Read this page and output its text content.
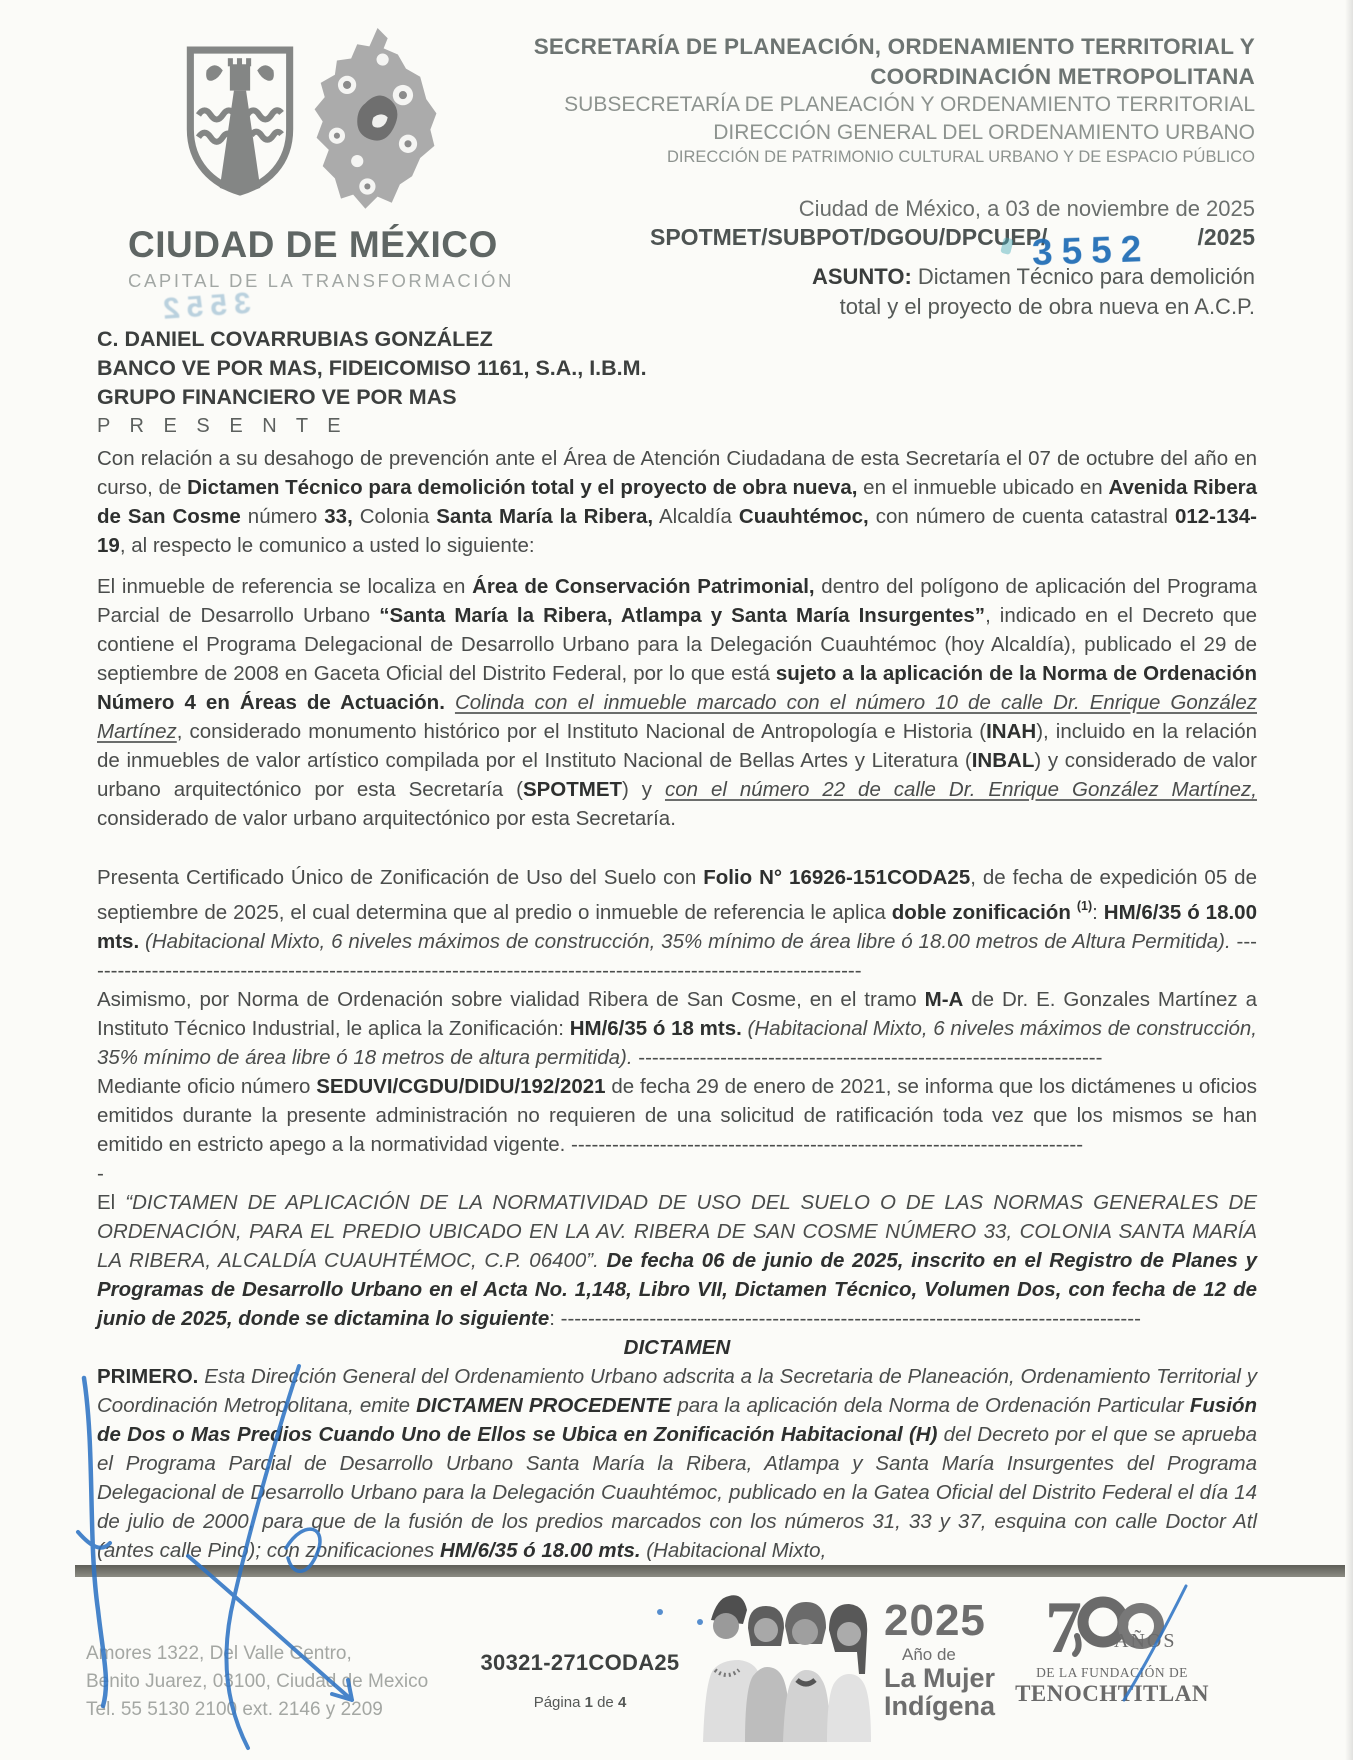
CIUDAD DE MÉXICO
CAPITAL DE LA TRANSFORMACIÓN
3552
SECRETARÍA DE PLANEACIÓN, ORDENAMIENTO TERRITORIAL Y
COORDINACIÓN METROPOLITANA
SUBSECRETARÍA DE PLANEACIÓN Y ORDENAMIENTO TERRITORIAL
DIRECCIÓN GENERAL DEL ORDENAMIENTO URBANO
DIRECCIÓN DE PATRIMONIO CULTURAL URBANO Y DE ESPACIO PÚBLICO
Ciudad de México, a 03 de noviembre de 2025
SPOTMET/SUBPOT/DGOU/DPCUEP/	/2025
3552
ASUNTO: Dictamen Técnico para demolición
total y el proyecto de obra nueva en A.C.P.
C. DANIEL COVARRUBIAS GONZÁLEZ
BANCO VE POR MAS, FIDEICOMISO 1161, S.A., I.B.M.
GRUPO FINANCIERO VE POR MAS
P R E S E N T E

Con relación a su desahogo de prevención ante el Área de Atención Ciudadana de esta Secretaría el 07 de octubre del año en curso, de Dictamen Técnico para demolición total y el proyecto de obra nueva, en el inmueble ubicado en Avenida Ribera de San Cosme número 33, Colonia Santa María la Ribera, Alcaldía Cuauhtémoc, con número de cuenta catastral 012-134-19, al respecto le comunico a usted lo siguiente:

El inmueble de referencia se localiza en Área de Conservación Patrimonial, dentro del polígono de aplicación del Programa Parcial de Desarrollo Urbano “Santa María la Ribera, Atlampa y Santa María Insurgentes”, indicado en el Decreto que contiene el Programa Delegacional de Desarrollo Urbano para la Delegación Cuauhtémoc (hoy Alcaldía), publicado el 29 de septiembre de 2008 en Gaceta Oficial del Distrito Federal, por lo que está sujeto a la aplicación de la Norma de Ordenación Número 4 en Áreas de Actuación. Colinda con el inmueble marcado con el número 10 de calle Dr. Enrique González Martínez, considerado monumento histórico por el Instituto Nacional de Antropología e Historia (INAH), incluido en la relación de inmuebles de valor artístico compilada por el Instituto Nacional de Bellas Artes y Literatura (INBAL) y considerado de valor urbano arquitectónico por esta Secretaría (SPOTMET) y con el número 22 de calle Dr. Enrique González Martínez, considerado de valor urbano arquitectónico por esta Secretaría.

Presenta Certificado Único de Zonificación de Uso del Suelo con Folio N° 16926-151CODA25, de fecha de expedición 05 de septiembre de 2025, el cual determina que al predio o inmueble de referencia le aplica doble zonificación $^{(1)}$: HM/6/35 ó 18.00 mts. (Habitacional Mixto, 6 niveles máximos de construcción, 35% mínimo de área libre ó 18.00 metros de Altura Permitida). -------------------------------------------------------------------------------------------------------------------

Asimismo, por Norma de Ordenación sobre vialidad Ribera de San Cosme, en el tramo M-A de Dr. E. Gonzales Martínez a Instituto Técnico Industrial, le aplica la Zonificación: HM/6/35 ó 18 mts. (Habitacional Mixto, 6 niveles máximos de construcción, 35% mínimo de área libre ó 18 metros de altura permitida). --------------------------------------------------------------------

Mediante oficio número SEDUVI/CGDU/DIDU/192/2021 de fecha 29 de enero de 2021, se informa que los dictámenes u oficios emitidos durante la presente administración no requieren de una solicitud de ratificación toda vez que los mismos se han emitido en estricto apego a la normatividad vigente. ---------------------------------------------------------------------------

-

El “DICTAMEN DE APLICACIÓN DE LA NORMATIVIDAD DE USO DEL SUELO O DE LAS NORMAS GENERALES DE ORDENACIÓN, PARA EL PREDIO UBICADO EN LA AV. RIBERA DE SAN COSME NÚMERO 33, COLONIA SANTA MARÍA LA RIBERA, ALCALDÍA CUAUHTÉMOC, C.P. 06400”. De fecha 06 de junio de 2025, inscrito en el Registro de Planes y Programas de Desarrollo Urbano en el Acta No. 1,148, Libro VII, Dictamen Técnico, Volumen Dos, con fecha de 12 de junio de 2025, donde se dictamina lo siguiente: -------------------------------------------------------------------------------------

DICTAMEN

PRIMERO. Esta Dirección General del Ordenamiento Urbano adscrita a la Secretaria de Planeación, Ordenamiento Territorial y Coordinación Metropolitana, emite DICTAMEN PROCEDENTE para la aplicación dela Norma de Ordenación Particular Fusión de Dos o Mas Predios Cuando Uno de Ellos se Ubica en Zonificación Habitacional (H) del Decreto por el que se aprueba el Programa Parcial de Desarrollo Urbano Santa María la Ribera, Atlampa y Santa María Insurgentes del Programa Delegacional de Desarrollo Urbano para la Delegación Cuauhtémoc, publicado en la Gatea Oficial del Distrito Federal el día 14 de julio de 2000, para que de la fusión de los predios marcados con los números 31, 33 y 37, esquina con calle Doctor Atl (antes calle Pino); con zonificaciones HM/6/35 ó 18.00 mts. (Habitacional Mixto,

Amores 1322, Del Valle Centro,
Benito Juarez, 03100, Ciudad de Mexico
Tel. 55 5130 2100 ext. 2146 y 2209
30321-271CODA25
Página 1 de 4
2025
Año de
La Mujer
Indígena
7 AÑOS
DE LA FUNDACIÓN DE
TENOCHTITLAN
